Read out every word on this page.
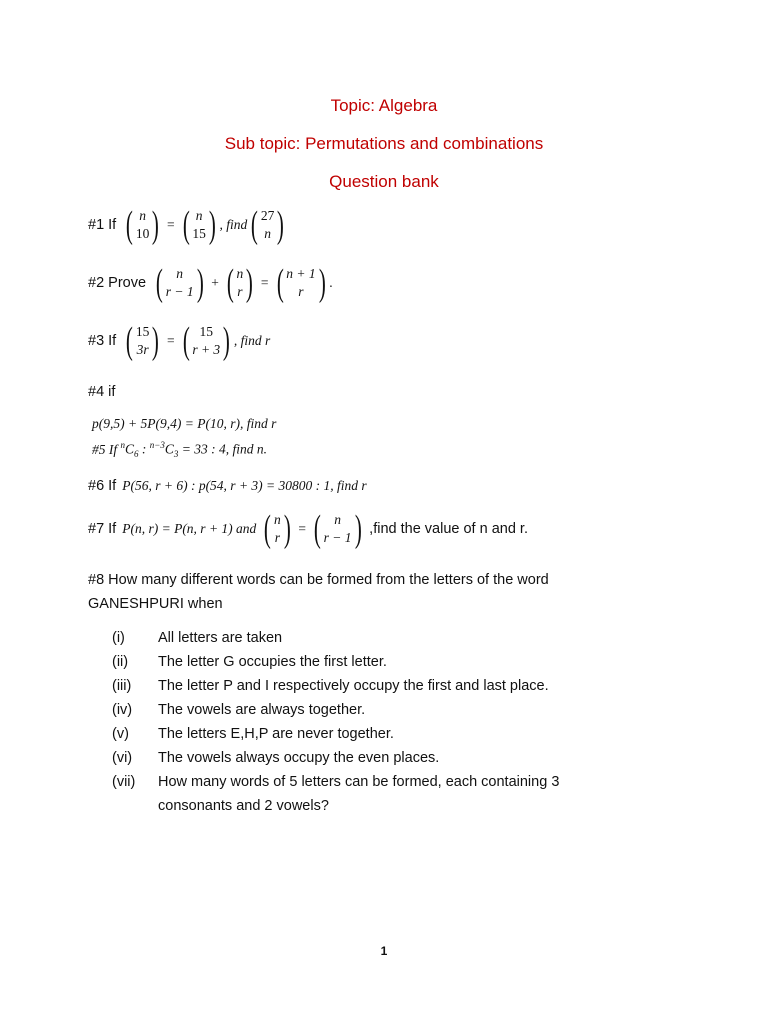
Topic: Algebra
Sub topic: Permutations and combinations
Question bank
#1 If ( n
10 ) = ( n
15 ) , find ( 27
n )
#2 Prove ( n
r − 1 ) + ( n
r ) = ( n + 1
r ) .
#3 If ( 15
3r ) = ( 15
r + 3 ) , find r
#4 if
p(9,5) + 5P(9,4) = P(10, r), find r
#5 If $^nC_6$ : $^{n-3}C_3 = 33$ : 4, find n.
#6 If P(56, r + 6) : p(54, r + 3) = 30800 : 1, find r
#7 If P(n, r) = P(n, r + 1) and ( n
r ) = ( n
r − 1 ) ,find the value of n and r.
#8 How many different words can be formed from the letters of the word
GANESHPURI when
(i) All letters are taken
(ii) The letter G occupies the first letter.
(iii) The letter P and I respectively occupy the first and last place.
(iv) The vowels are always together.
(v) The letters E,H,P are never together.
(vi) The vowels always occupy the even places.
(vii) How many words of 5 letters can be formed, each containing 3
consonants and 2 vowels?
1
